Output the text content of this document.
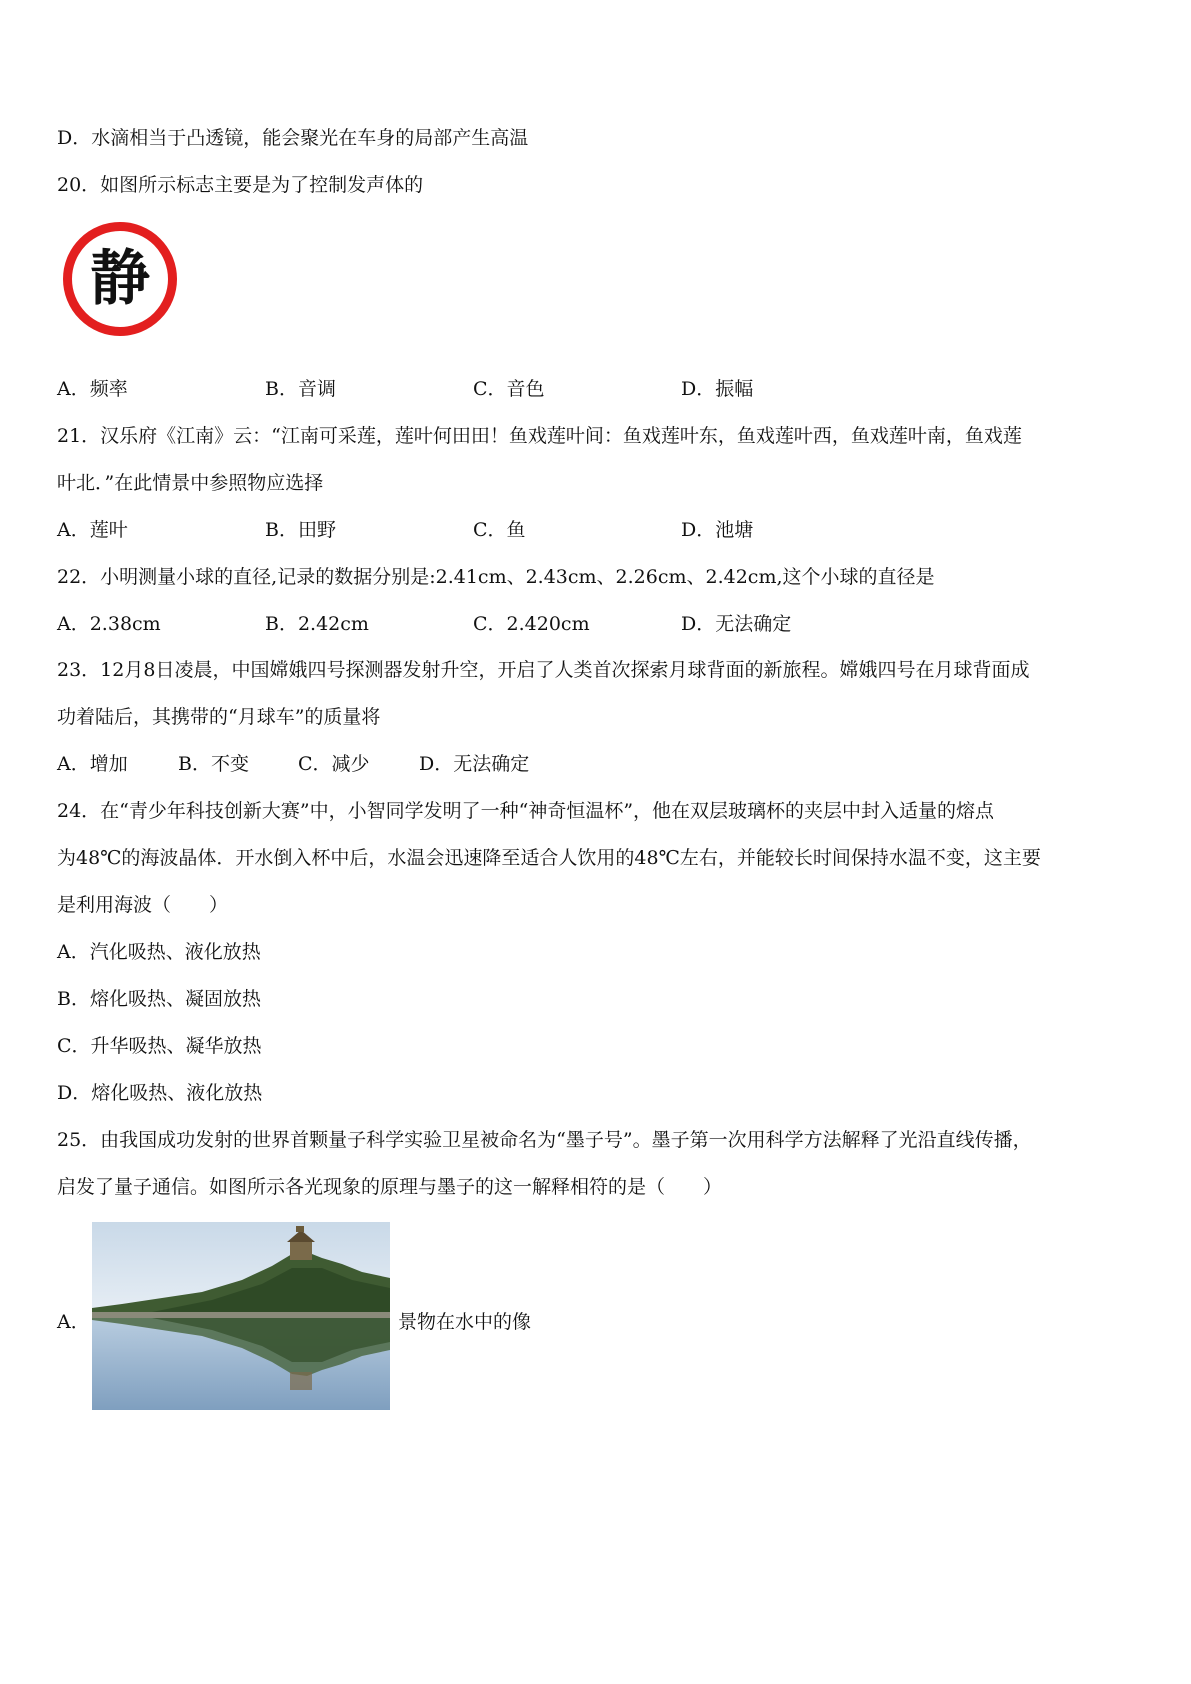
D．水滴相当于凸透镜，能会聚光在车身的局部产生高温
20．如图所示标志主要是为了控制发声体的
静
A．频率	B．音调	C．音色	D．振幅
21．汉乐府《江南》云：“江南可采莲，莲叶何田田！鱼戏莲叶间：鱼戏莲叶东，鱼戏莲叶西，鱼戏莲叶南，鱼戏莲
叶北．”在此情景中参照物应选择
A．莲叶	B．田野	C．鱼	D．池塘
22．小明测量小球的直径,记录的数据分别是:2.41cm、2.43cm、2.26cm、2.42cm,这个小球的直径是
A．2.38cm	B．2.42cm	C．2.420cm	D．无法确定
23．12月8日凌晨，中国嫦娥四号探测器发射升空，开启了人类首次探索月球背面的新旅程。嫦娥四号在月球背面成
功着陆后，其携带的“月球车”的质量将
A．增加	B．不变	C．减少	D．无法确定
24．在“青少年科技创新大赛”中，小智同学发明了一种“神奇恒温杯”，他在双层玻璃杯的夹层中封入适量的熔点
为48℃的海波晶体．开水倒入杯中后，水温会迅速降至适合人饮用的48℃左右，并能较长时间保持水温不变，这主要
是利用海波（　　）
A．汽化吸热、液化放热
B．熔化吸热、凝固放热
C．升华吸热、凝华放热
D．熔化吸热、液化放热
25．由我国成功发射的世界首颗量子科学实验卫星被命名为“墨子号”。墨子第一次用科学方法解释了光沿直线传播，
启发了量子通信。如图所示各光现象的原理与墨子的这一解释相符的是（　　）
A．	景物在水中的像
